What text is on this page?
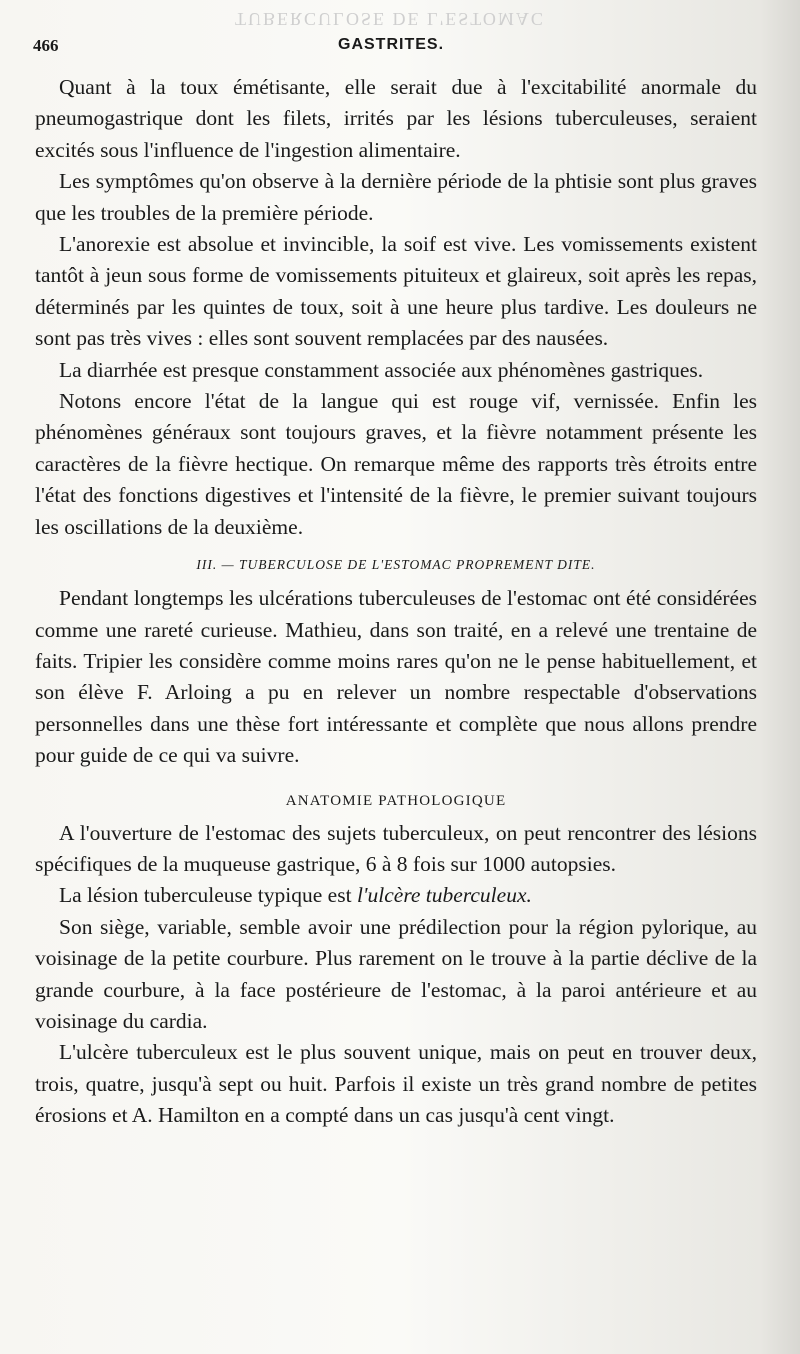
TUBERCULOSE DE L'ESTOMAC
466	GASTRITES.

Quant à la toux émétisante, elle serait due à l'excitabilité anormale du pneumogastrique dont les filets, irrités par les lésions tuberculeuses, seraient excités sous l'influence de l'ingestion alimentaire.

Les symptômes qu'on observe à la dernière période de la phtisie sont plus graves que les troubles de la première période.

L'anorexie est absolue et invincible, la soif est vive. Les vomissements existent tantôt à jeun sous forme de vomissements pituiteux et glaireux, soit après les repas, déterminés par les quintes de toux, soit à une heure plus tardive. Les douleurs ne sont pas très vives : elles sont souvent remplacées par des nausées.

La diarrhée est presque constamment associée aux phénomènes gastriques.

Notons encore l'état de la langue qui est rouge vif, vernissée. Enfin les phénomènes généraux sont toujours graves, et la fièvre notamment présente les caractères de la fièvre hectique. On remarque même des rapports très étroits entre l'état des fonctions digestives et l'intensité de la fièvre, le premier suivant toujours les oscillations de la deuxième.

III. — TUBERCULOSE DE L'ESTOMAC PROPREMENT DITE.

Pendant longtemps les ulcérations tuberculeuses de l'estomac ont été considérées comme une rareté curieuse. Mathieu, dans son traité, en a relevé une trentaine de faits. Tripier les considère comme moins rares qu'on ne le pense habituellement, et son élève F. Arloing a pu en relever un nombre respectable d'observations personnelles dans une thèse fort intéressante et complète que nous allons prendre pour guide de ce qui va suivre.

ANATOMIE PATHOLOGIQUE

A l'ouverture de l'estomac des sujets tuberculeux, on peut rencontrer des lésions spécifiques de la muqueuse gastrique, 6 à 8 fois sur 1000 autopsies.

La lésion tuberculeuse typique est l'ulcère tuberculeux.

Son siège, variable, semble avoir une prédilection pour la région pylorique, au voisinage de la petite courbure. Plus rarement on le trouve à la partie déclive de la grande courbure, à la face postérieure de l'estomac, à la paroi antérieure et au voisinage du cardia.

L'ulcère tuberculeux est le plus souvent unique, mais on peut en trouver deux, trois, quatre, jusqu'à sept ou huit. Parfois il existe un très grand nombre de petites érosions et A. Hamilton en a compté dans un cas jusqu'à cent vingt.
